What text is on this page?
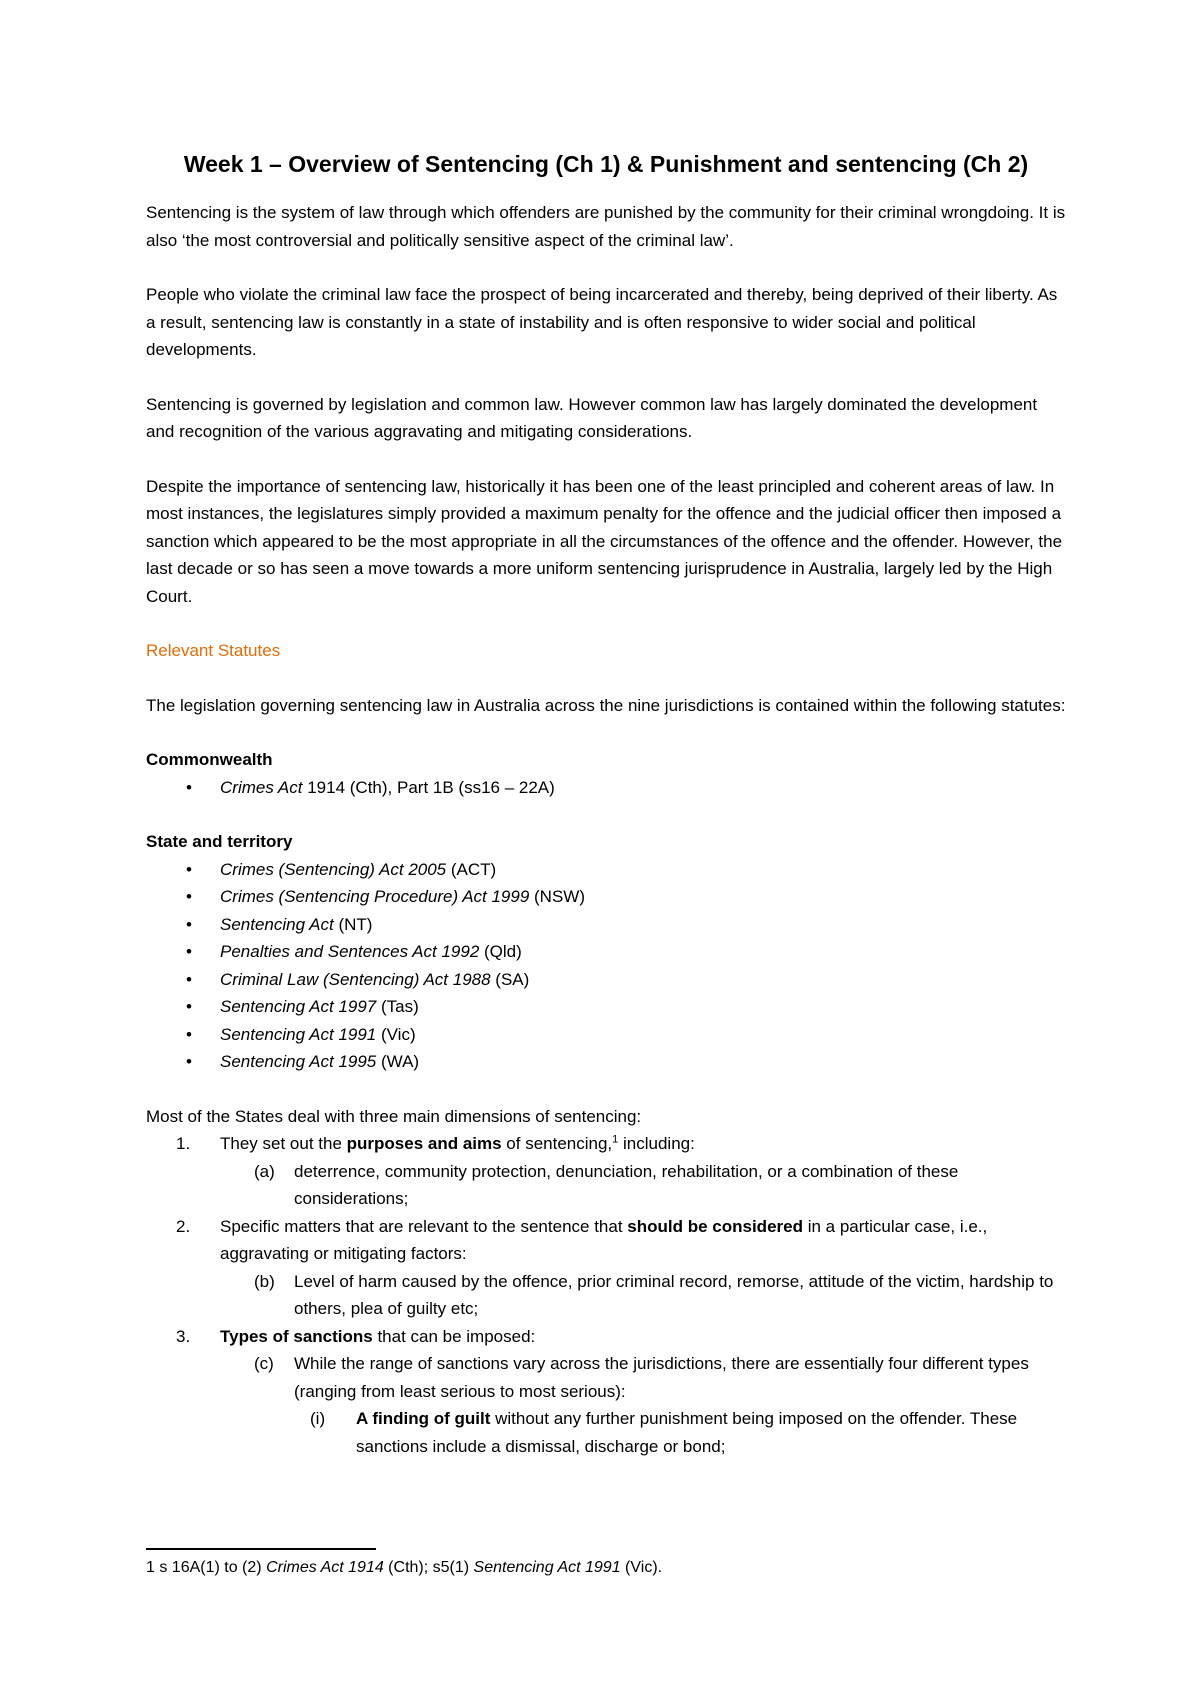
Week 1 – Overview of Sentencing (Ch 1) & Punishment and sentencing (Ch 2)

Sentencing is the system of law through which offenders are punished by the community for their criminal wrongdoing. It is also ‘the most controversial and politically sensitive aspect of the criminal law’.

People who violate the criminal law face the prospect of being incarcerated and thereby, being deprived of their liberty. As a result, sentencing law is constantly in a state of instability and is often responsive to wider social and political developments.

Sentencing is governed by legislation and common law. However common law has largely dominated the development and recognition of the various aggravating and mitigating considerations.

Despite the importance of sentencing law, historically it has been one of the least principled and coherent areas of law. In most instances, the legislatures simply provided a maximum penalty for the offence and the judicial officer then imposed a sanction which appeared to be the most appropriate in all the circumstances of the offence and the offender. However, the last decade or so has seen a move towards a more uniform sentencing jurisprudence in Australia, largely led by the High Court.

Relevant Statutes

The legislation governing sentencing law in Australia across the nine jurisdictions is contained within the following statutes:

Commonwealth
• Crimes Act 1914 (Cth), Part 1B (ss16 – 22A)
State and territory
• Crimes (Sentencing) Act 2005 (ACT)
• Crimes (Sentencing Procedure) Act 1999 (NSW)
• Sentencing Act (NT)
• Penalties and Sentences Act 1992 (Qld)
• Criminal Law (Sentencing) Act 1988 (SA)
• Sentencing Act 1997 (Tas)
• Sentencing Act 1991 (Vic)
• Sentencing Act 1995 (WA)
Most of the States deal with three main dimensions of sentencing:
1. They set out the purposes and aims of sentencing,$^1$ including:
(a) deterrence, community protection, denunciation, rehabilitation, or a combination of these considerations;
2. Specific matters that are relevant to the sentence that should be considered in a particular case, i.e., aggravating or mitigating factors:
(b) Level of harm caused by the offence, prior criminal record, remorse, attitude of the victim, hardship to others, plea of guilty etc;
3. Types of sanctions that can be imposed:
(c) While the range of sanctions vary across the jurisdictions, there are essentially four different types (ranging from least serious to most serious):
(i) A finding of guilt without any further punishment being imposed on the offender. These sanctions include a dismissal, discharge or bond;
1 s 16A(1) to (2) Crimes Act 1914 (Cth); s5(1) Sentencing Act 1991 (Vic).
